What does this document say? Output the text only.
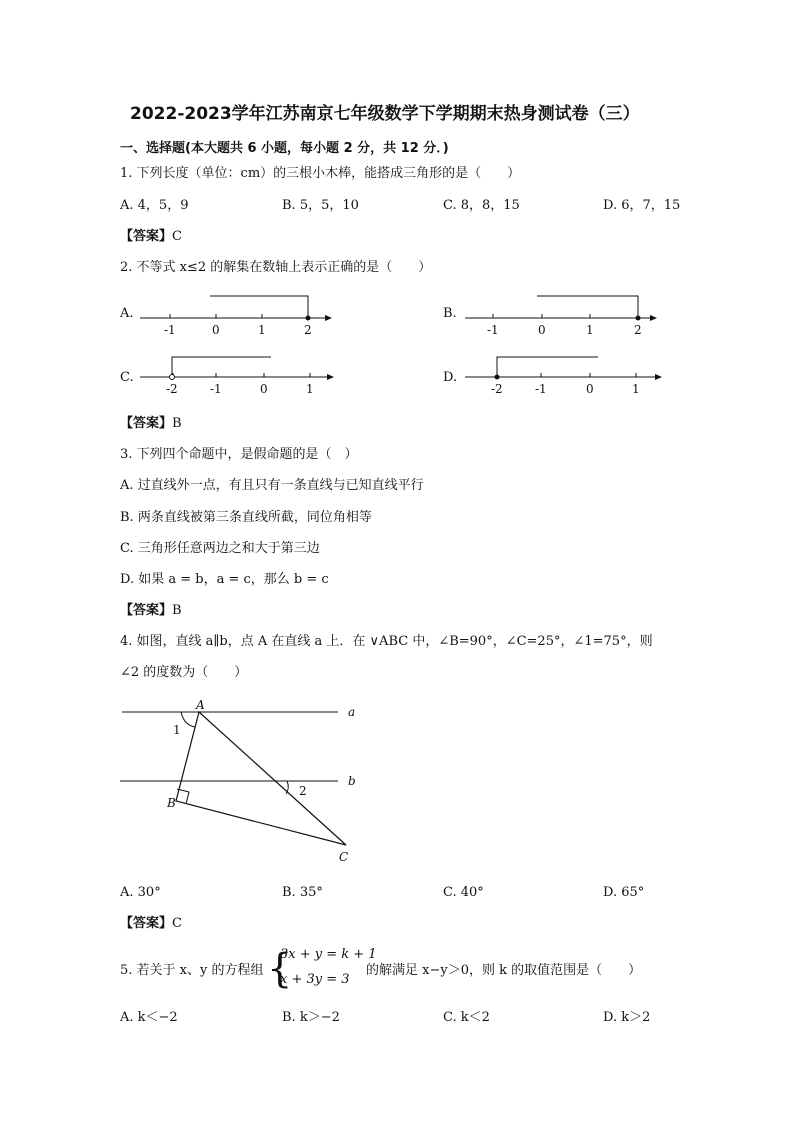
2022-2023学年江苏南京七年级数学下学期期末热身测试卷（三）
一、选择题(本大题共 6 小题，每小题 2 分，共 12 分．)
1. 下列长度（单位：cm）的三根小木棒，能搭成三角形的是（　　）
A. 4，5，9	B. 5，5，10	C. 8，8，15	D. 6，7，15
【答案】C
2. 不等式 x≤2 的解集在数轴上表示正确的是（　　）
A.
-1	0	1	2
B.
-1	0	1	2
C.
-2	-1	0	1
D.
-2	-1	0	1
【答案】B
3. 下列四个命题中，是假命题的是（　）
A. 过直线外一点，有且只有一条直线与已知直线平行
B. 两条直线被第三条直线所截，同位角相等
C. 三角形任意两边之和大于第三边
D. 如果 a = b，a = c，那么 b = c
【答案】B
4. 如图，直线 a∥b，点 A 在直线 a 上．在 ∨ABC 中，∠B=90°，∠C=25°，∠1=75°，则
∠2 的度数为（　　）
A
B
C
a
b
1
2
A. 30°	B. 35°	C. 40°	D. 65°
【答案】C
5. 若关于 x、y 的方程组 {
3x + y = k + 1
x + 3y = 3
的解满足 x−y＞0，则 k 的取值范围是（　　）
A. k＜−2	B. k＞−2	C. k＜2	D. k＞2
